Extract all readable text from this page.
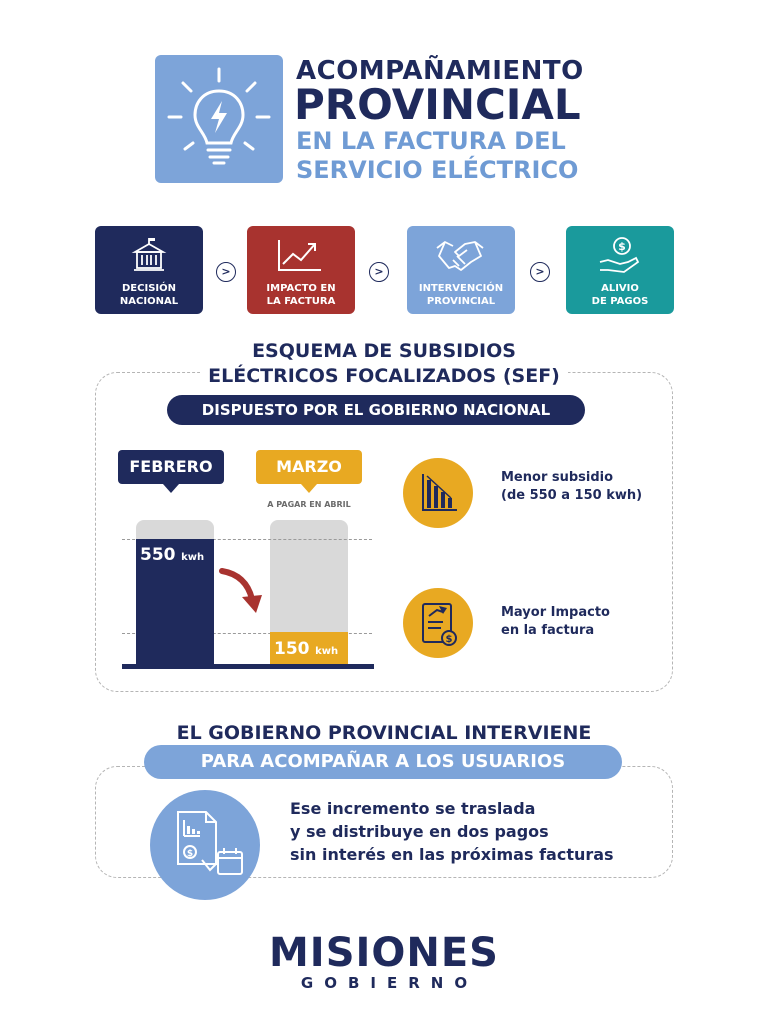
ACOMPAÑAMIENTO
PROVINCIAL
EN LA FACTURA DEL
SERVICIO ELÉCTRICO
DECISIÓN
NACIONAL
>
IMPACTO EN
LA FACTURA
>
INTERVENCIÓN
PROVINCIAL
>
$
ALIVIO
DE PAGOS
ESQUEMA DE SUBSIDIOS
ELÉCTRICOS FOCALIZADOS (SEF)
DISPUESTO POR EL GOBIERNO NACIONAL
FEBRERO	MARZO
A PAGAR EN ABRIL
550 kwh
150 kwh
Menor subsidio
(de 550 a 150 kwh)
$
Mayor Impacto
en la factura
EL GOBIERNO PROVINCIAL INTERVIENE
PARA ACOMPAÑAR A LOS USUARIOS
$
Ese incremento se traslada
y se distribuye en dos pagos
sin interés en las próximas facturas
MISIONES
GOBIERNO
